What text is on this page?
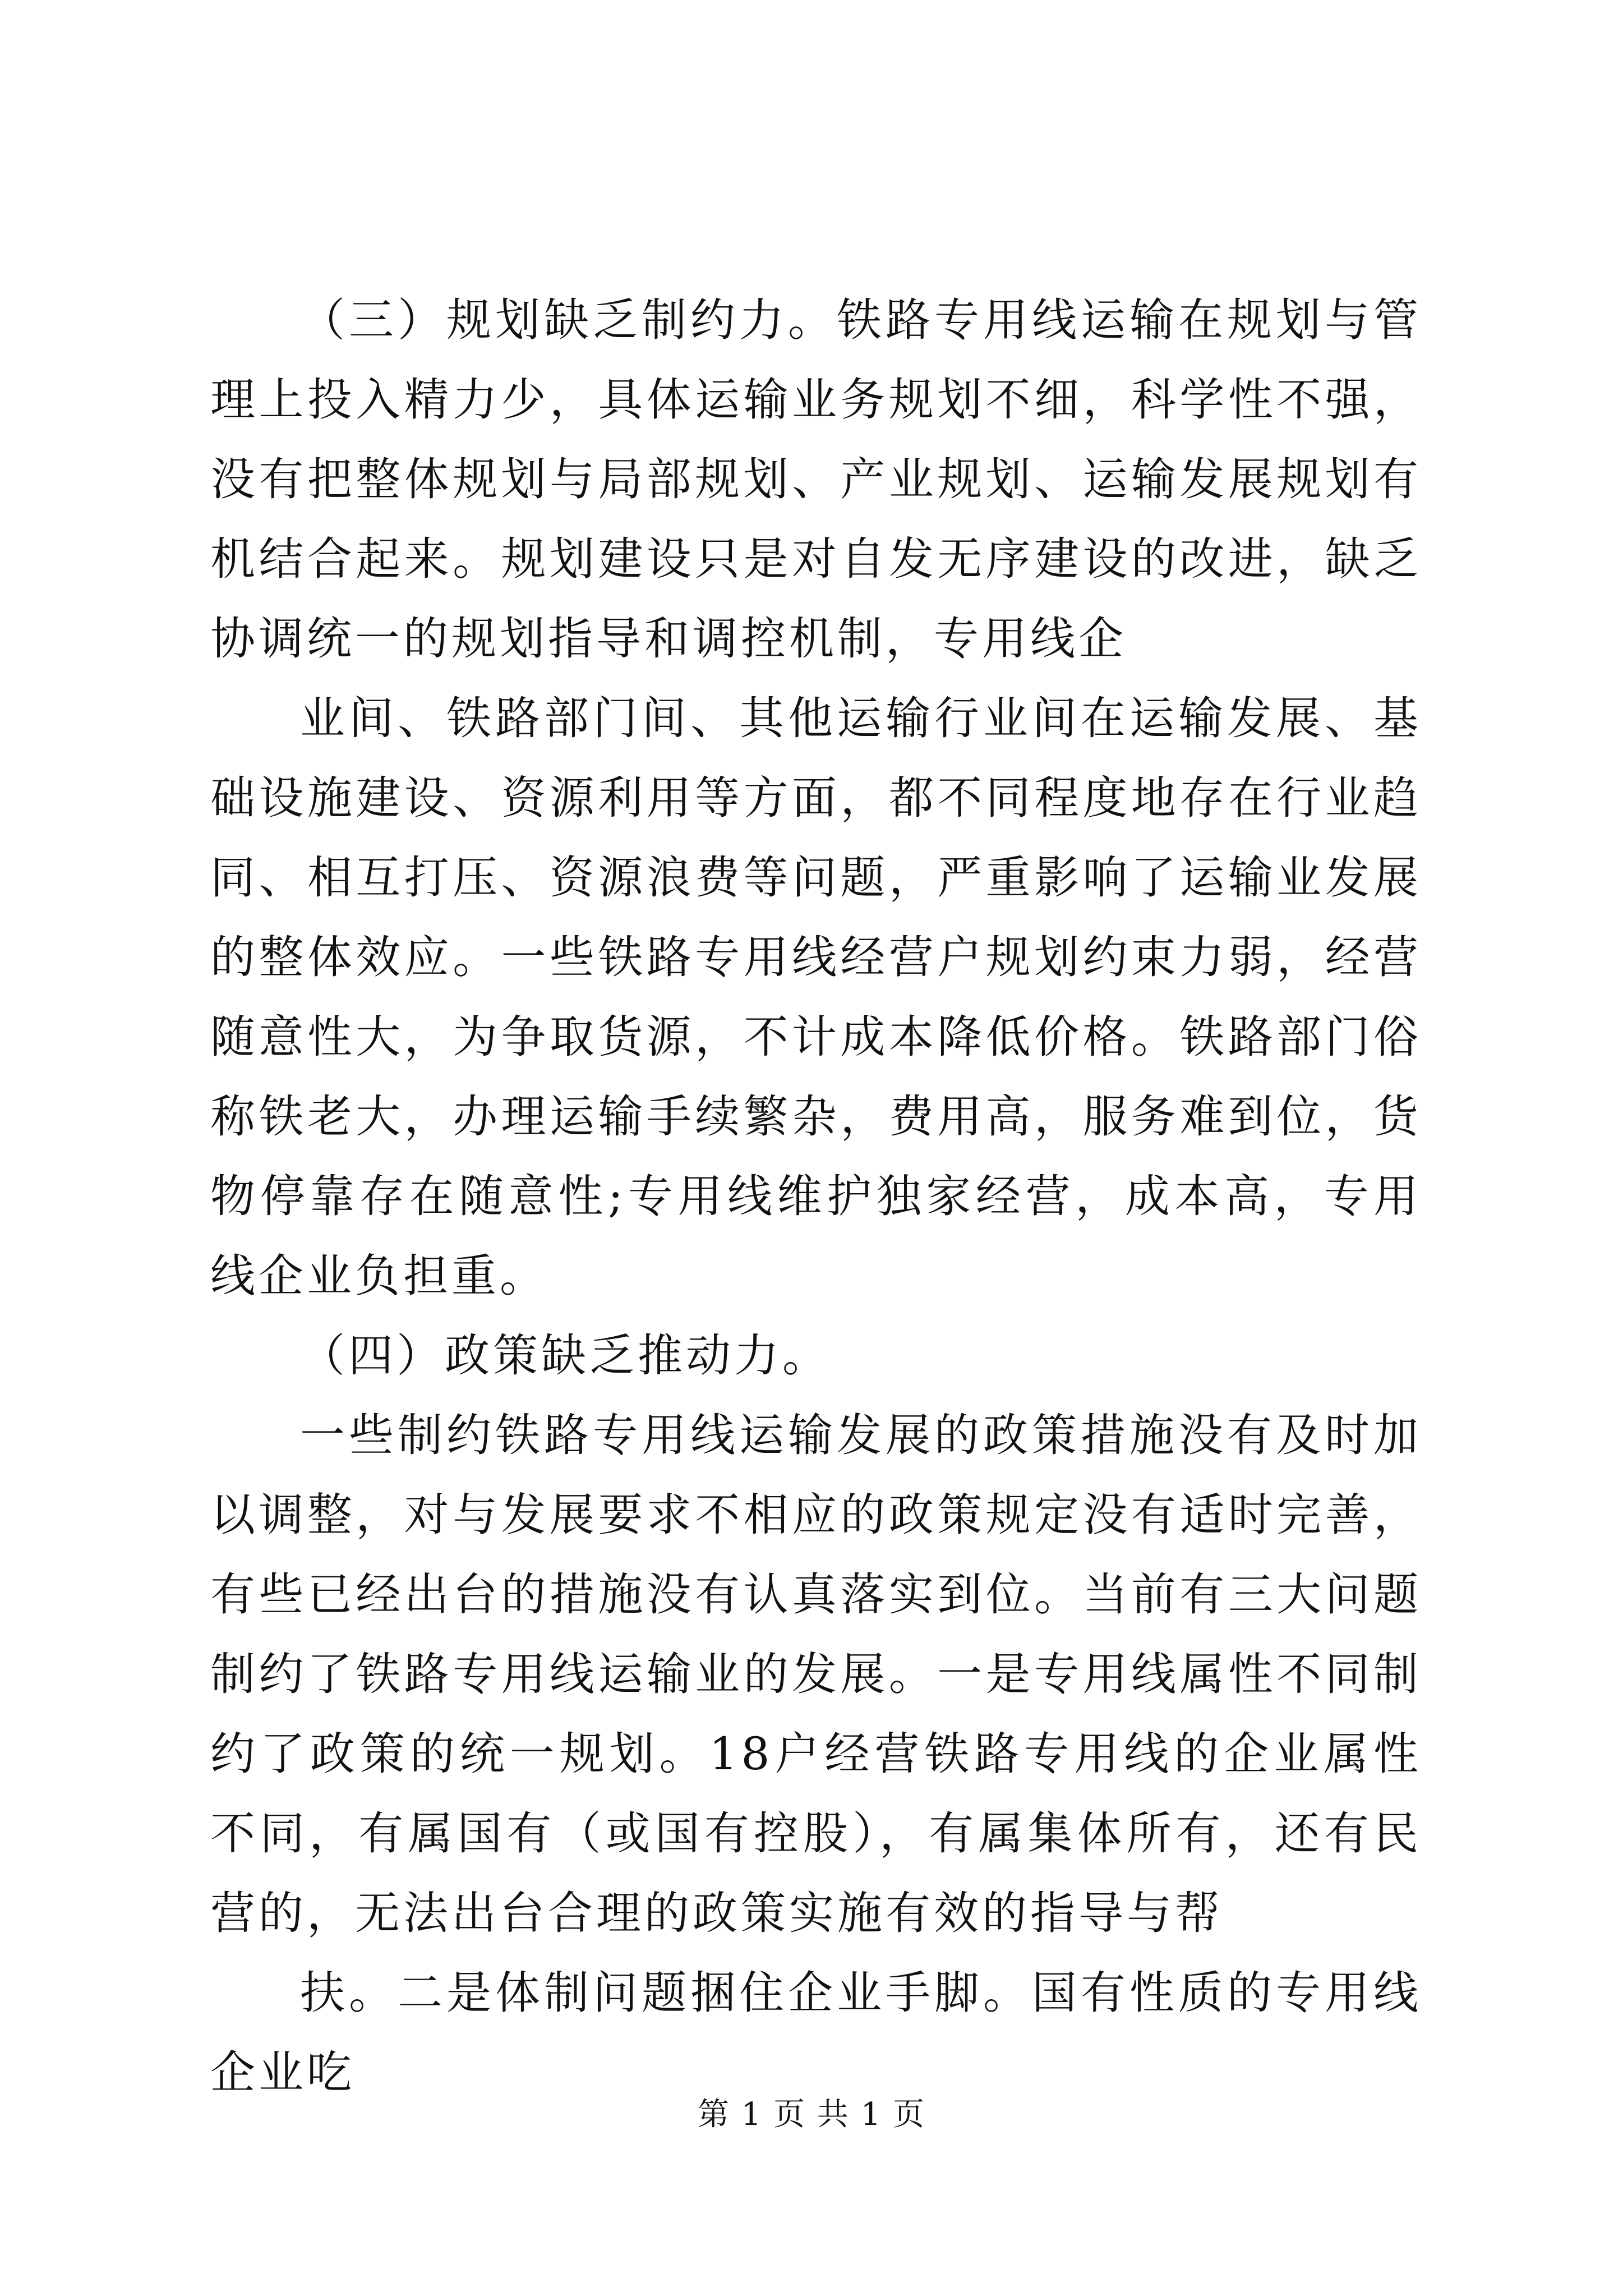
（三）规划缺乏制约力。铁路专用线运输在规划与管理上投入精力少，具体运输业务规划不细，科学性不强，没有把整体规划与局部规划、产业规划、运输发展规划有机结合起来。规划建设只是对自发无序建设的改进，缺乏协调统一的规划指导和调控机制，专用线企

业间、铁路部门间、其他运输行业间在运输发展、基础设施建设、资源利用等方面，都不同程度地存在行业趋同、相互打压、资源浪费等问题，严重影响了运输业发展的整体效应。一些铁路专用线经营户规划约束力弱，经营随意性大，为争取货源，不计成本降低价格。铁路部门俗称铁老大，办理运输手续繁杂，费用高，服务难到位，货物停靠存在随意性;专用线维护独家经营，成本高，专用线企业负担重。

（四）政策缺乏推动力。

一些制约铁路专用线运输发展的政策措施没有及时加以调整，对与发展要求不相应的政策规定没有适时完善，有些已经出台的措施没有认真落实到位。当前有三大问题制约了铁路专用线运输业的发展。一是专用线属性不同制约了政策的统一规划。18户经营铁路专用线的企业属性不同，有属国有（或国有控股），有属集体所有，还有民营的，无法出台合理的政策实施有效的指导与帮

扶。二是体制问题捆住企业手脚。国有性质的专用线企业吃

第 1 页 共 1 页
